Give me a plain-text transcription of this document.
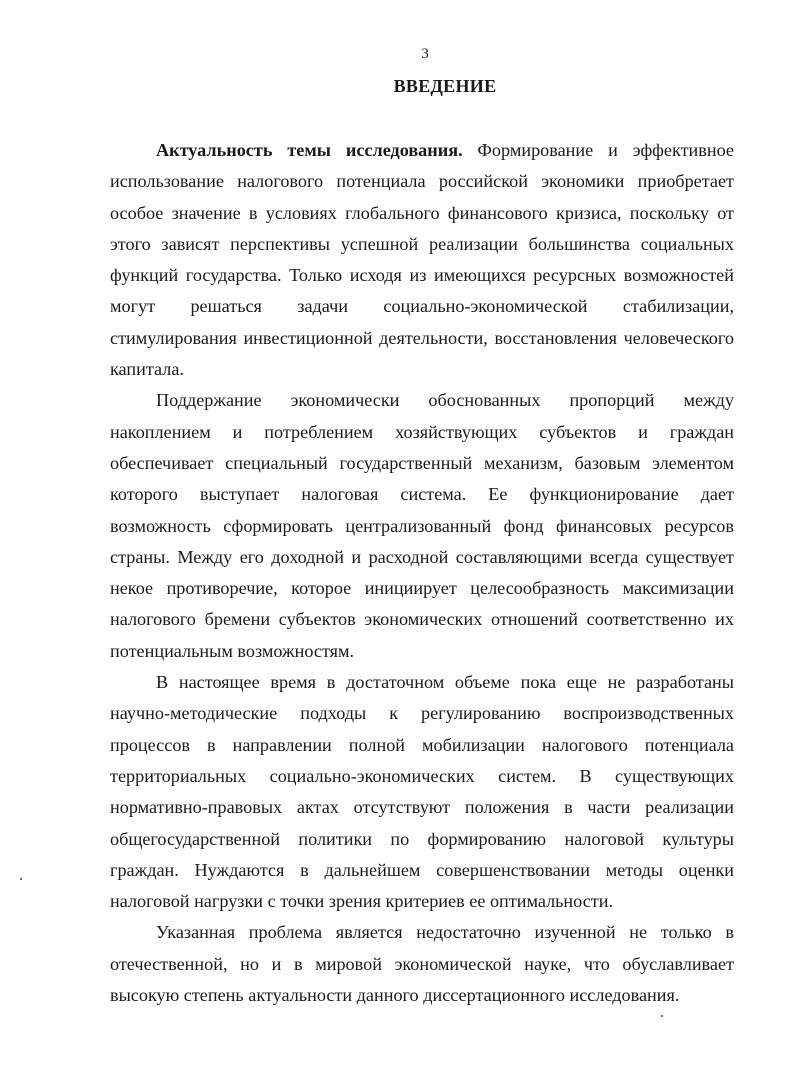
3
ВВЕДЕНИЕ

Актуальность темы исследования. Формирование и эффективное использование налогового потенциала российской экономики приобретает особое значение в условиях глобального финансового кризиса, поскольку от этого зависят перспективы успешной реализации большинства социальных функций государства. Только исходя из имеющихся ресурсных возможностей могут решаться задачи социально-экономической стабилизации, стимулирования инвестиционной деятельности, восстановления человеческого капитала.

Поддержание экономически обоснованных пропорций между накоплением и потреблением хозяйствующих субъектов и граждан обеспечивает специальный государственный механизм, базовым элементом которого выступает налоговая система. Ее функционирование дает возможность сформировать централизованный фонд финансовых ресурсов страны. Между его доходной и расходной составляющими всегда существует некое противоречие, которое инициирует целесообразность максимизации налогового бремени субъектов экономических отношений соответственно их потенциальным возможностям.

В настоящее время в достаточном объеме пока еще не разработаны научно-методические подходы к регулированию воспроизводственных процессов в направлении полной мобилизации налогового потенциала территориальных социально-экономических систем. В существующих нормативно-правовых актах отсутствуют положения в части реализации общегосударственной политики по формированию налоговой культуры граждан. Нуждаются в дальнейшем совершенствовании методы оценки налоговой нагрузки с точки зрения критериев ее оптимальности.

Указанная проблема является недостаточно изученной не только в отечественной, но и в мировой экономической науке, что обуславливает высокую степень актуальности данного диссертационного исследования.
